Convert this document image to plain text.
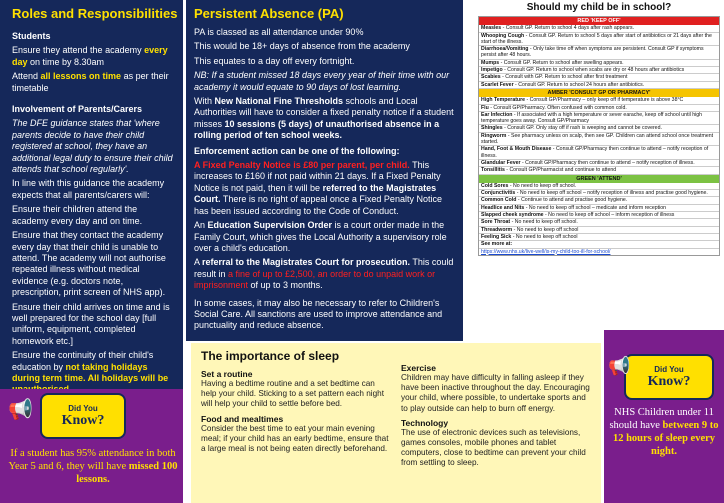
Roles and Responsibilities
Students
Ensure they attend the academy every day on time by 8.30am
Attend all lessons on time as per their timetable
Involvement of Parents/Carers
The DFE guidance states that 'where parents decide to have their child registered at school, they have an additional legal duty to ensure their child attends that school regularly'.
In line with this guidance the academy expects that all parents/carers will:
Ensure their children attend the academy every day and on time.
Ensure that they contact the academy every day that their child is unable to attend. The academy will not authorise repeated illness without medical evidence (e.g. doctors note, prescription, print screen of NHS app).
Ensure their child arrives on time and is well prepared for the school day [full uniform, equipment, completed homework etc.]
Ensure the continuity of their child's education by not taking holidays during term time. All holidays will be
Did You
Know?
📢
If a student has 95% attendance in both Year 5 and 6, they will have missed 100 lessons.
Persistent Absence (PA)
PA is classed as all attendance under 90%
This would be 18+ days of absence from the academy
This equates to a day off every fortnight.
NB: If a student missed 18 days every year of their time with our academy it would equate to 90 days of lost learning.
With New National Fine Thresholds schools and Local Authorities will have to consider a fixed penalty notice if a student misses 10 sessions (5 days) of unauthorised absence in a rolling period of ten school weeks.
Enforcement action can be one of the following:
A Fixed Penalty Notice is £80 per parent, per child. This increases to £160 if not paid within 21 days. If a Fixed Penalty Notice is not paid, then it will be referred to the Magistrates Court. There is no right of appeal once a Fixed Penalty Notice has been issued according to the Code of Conduct.
An Education Supervision Order is a court order made in the Family Court, which gives the Local Authority a supervisory role over a child's education.
A referral to the Magistrates Court for prosecution. This could result in a fine of up to £2,500, an order to do unpaid work or imprisonment of up to 3 months.
In some cases, it may also be necessary to refer to Children's Social Care. All sanctions are used to improve attendance and punctuality and reduce absence.
Should my child be in school?
RED 'KEEP OFF'
Measles - Consult GP. Return to school 4 days after rash appears.
Whooping Cough - Consult GP. Return to school 5 days after start of antibiotics or 21 days after the start of the illness.
Diarrhoea/Vomiting - Only take time off when symptoms are persistent. Consult GP if symptoms persist after 48 hours.
Mumps - Consult GP. Return to school after swelling appears.
Impetigo - Consult GP. Return to school when scabs are dry or 48 hours after antibiotics
Scabies - Consult with GP. Return to school after first treatment
Scarlet Fever - Consult GP. Return to school 24 hours after antibiotics.
AMBER 'CONSULT GP OR PHARMACY'
High Temperature - Consult GP/Pharmacy – only keep off if temperature is above 38°C
Flu - Consult GP/Pharmacy. Often confused with common cold.
Ear Infection - If associated with a high temperature or sever earache, keep off school until high temperature goes away. Consult GP/Pharmacy
Shingles - Consult GP. Only stay off if rash is weeping and cannot be covered.
Ringworm - See pharmacy unless on scalp, then see GP. Children can attend school once treatment started.
Hand, Foot & Mouth Disease - Consult GP/Pharmacy then continue to attend – notify reception of illness.
Glandular Fever - Consult GP/Pharmacy then continue to attend – notify reception of illness.
Tonsillitis - Consult GP/Pharmacist and continue to attend
GREEN 'ATTEND'
Cold Sores - No need to keep off school.
Conjunctivitis - No need to keep off school – notify reception of illness and practise good hygiene.
Common Cold - Continue to attend and practise good hygiene.
Headlice and Nits - No need to keep off school – medicate and inform reception
Slapped cheek syndrome - No need to keep off school – inform reception of illness
Sore Throat - No need to keep off school.
Threadworm - No need to keep off school
Feeling Sick - No need to keep off school
See more at:
https://www.nhs.uk/live-well/is-my-child-too-ill-for-school/
The importance of sleep
Set a routine
Having a bedtime routine and a set bedtime can help your child. Sticking to a set pattern each night will help your child to settle before bed.
Food and mealtimes
Consider the best time to eat your main evening meal; if your child has an early bedtime, ensure that a large meal is not being eaten directly beforehand.
Exercise
Children may have difficulty in falling asleep if they have been inactive throughout the day. Encouraging your child, where possible, to undertake sports and to play outside can help to burn off energy.
Technology
The use of electronic devices such as televisions, games consoles, mobile phones and tablet computers, close to bedtime can prevent your child from settling to sleep.
Did You
Know?
📢
NHS Children under 11 should have between 9 to 12 hours of sleep every night.
